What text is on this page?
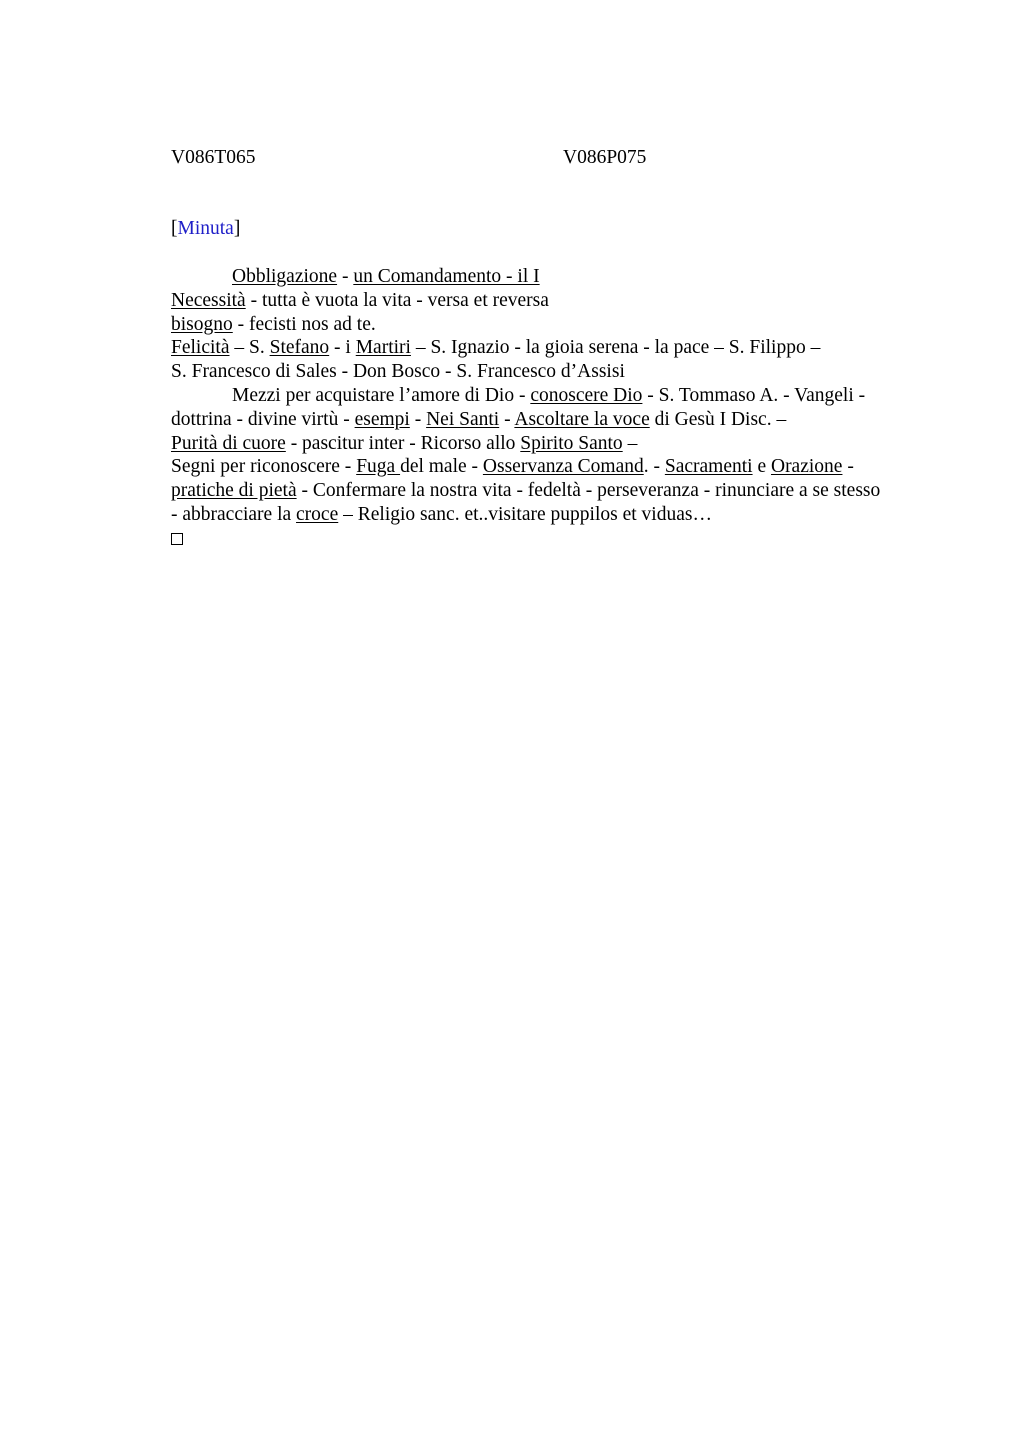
V086T065	V086P075
[Minuta]
Obbligazione - un Comandamento - il I
Necessità - tutta è vuota la vita - versa et reversa
bisogno - fecisti nos ad te.
Felicità – S. Stefano - i Martiri – S. Ignazio - la gioia serena - la pace – S. Filippo –
S. Francesco di Sales - Don Bosco - S. Francesco d’Assisi
Mezzi per acquistare l’amore di Dio - conoscere Dio - S. Tommaso A. - Vangeli -
dottrina - divine virtù - esempi - Nei Santi - Ascoltare la voce di Gesù I Disc. –
Purità di cuore - pascitur inter - Ricorso allo Spirito Santo –
Segni per riconoscere - Fuga del male - Osservanza Comand. - Sacramenti e Orazione -
pratiche di pietà - Confermare la nostra vita - fedeltà - perseveranza - rinunciare a se stesso
- abbracciare la croce – Religio sanc. et..visitare puppilos et viduas…
